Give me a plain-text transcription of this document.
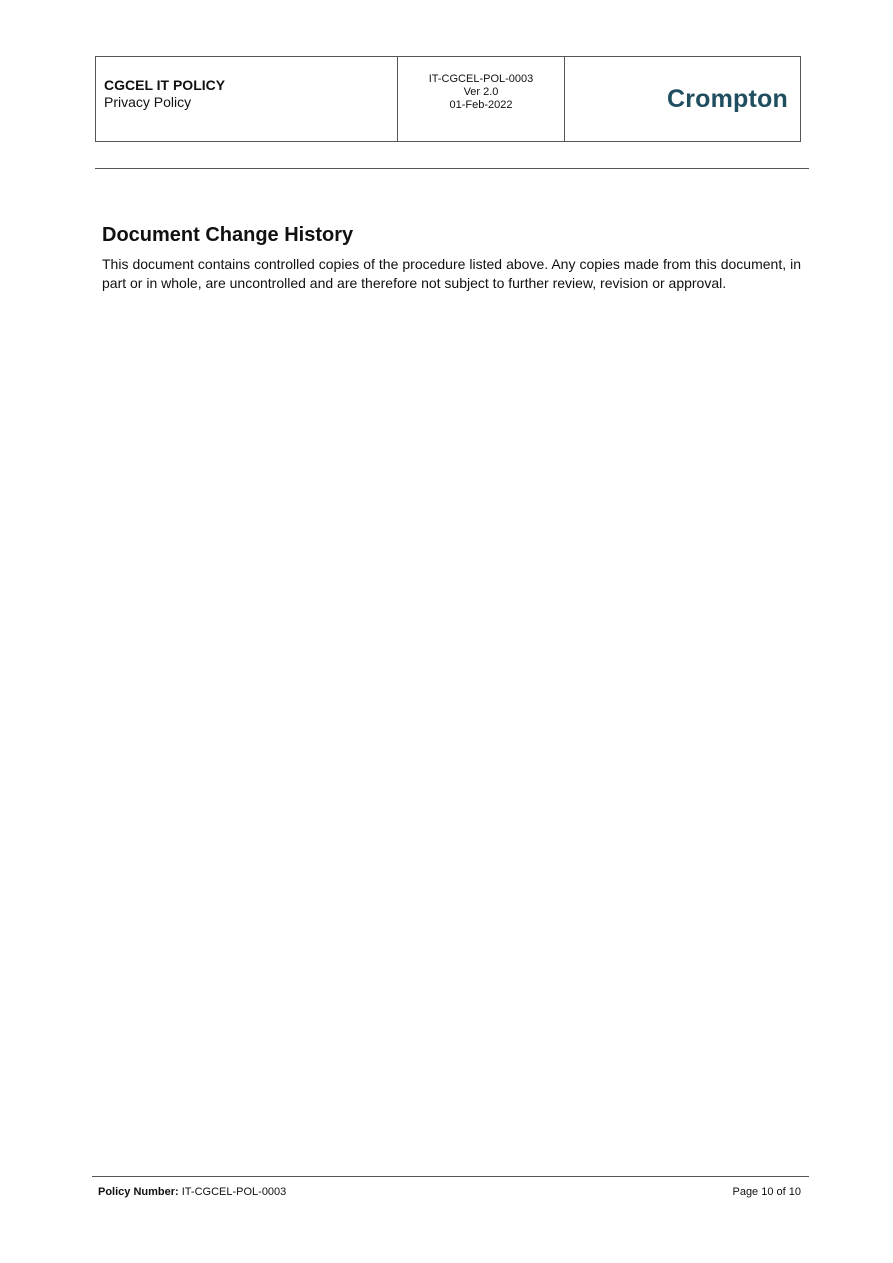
CGCEL IT POLICY
Privacy Policy

IT-CGCEL-POL-0003
Ver 2.0
01-Feb-2022	Crompton
Document Change History

This document contains controlled copies of the procedure listed above. Any copies made from this document, in part or in whole, are uncontrolled and are therefore not subject to further review, revision or approval.

Policy Number: IT-CGCEL-POL-0003	Page 10 of 10
